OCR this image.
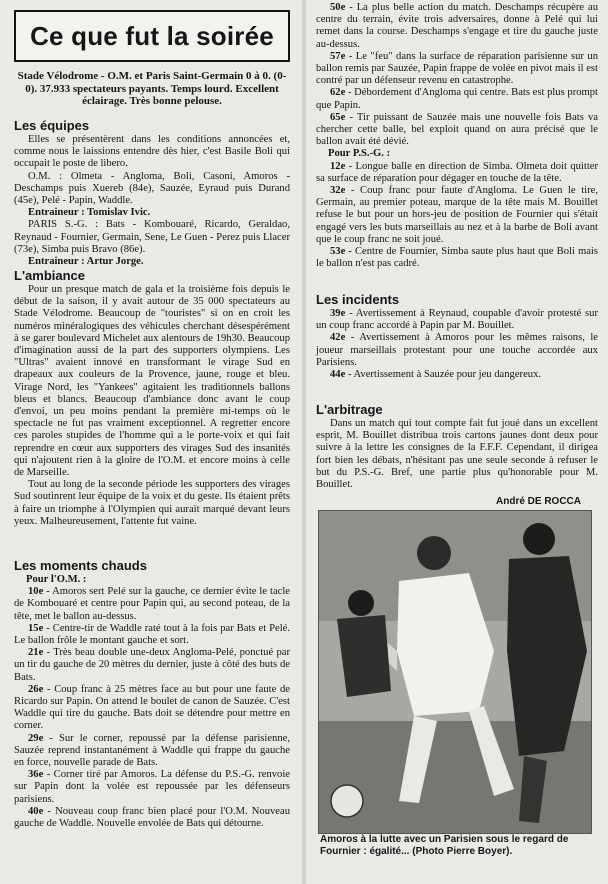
Ce que fut la soirée
Stade Vélodrome - O.M. et Paris Saint-Germain 0 à 0. (0-0). 37.933 spectateurs payants. Temps lourd. Excellent éclairage. Très bonne pelouse.
Les équipes

Elles se présentèrent dans les conditions annoncées et, comme nous le laissions entendre dès hier, c'est Basile Boli qui occupait le poste de libero.

O.M. : Olmeta - Angloma, Boli, Casoni, Amoros - Deschamps puis Xuereb (84e), Sauzée, Eyraud puis Durand (45e), Pelé - Papin, Waddle.

Entraineur : Tomislav Ivic.

PARIS S.-G. : Bats - Kombouaré, Ricardo, Geraldao, Reynaud - Fournier, Germain, Sene, Le Guen - Perez puis Llacer (73e), Simba puis Bravo (86e).

Entraineur : Artur Jorge.

L'ambiance

Pour un presque match de gala et la troisième fois depuis le début de la saison, il y avait autour de 35 000 spectateurs au Stade Vélodrome. Beaucoup de "touristes" si on en croit les numéros minéralogiques des véhicules cherchant désespérément à se garer boulevard Michelet aux alentours de 19h30. Beaucoup d'imagination aussi de la part des supporters olympiens. Les "Ultras" avaient innové en transformant le virage Sud en drapeaux aux couleurs de la Provence, jaune, rouge et bleu. Virage Nord, les "Yankees" agitaient les traditionnels ballons bleus et blancs. Beaucoup d'ambiance donc avant le coup d'envoi, un peu moins pendant la première mi-temps où le spectacle ne fut pas vraiment exceptionnel. A regretter encore ces paroles stupides de l'homme qui a le porte-voix et qui fait reprendre en cœur aux supporters des virages Sud des insanités qui n'ajoutent rien à la gloire de l'O.M. et encore moins à celle de Marseille.

Tout au long de la seconde période les supporters des virages Sud soutinrent leur équipe de la voix et du geste. Ils étaient prêts à faire un triomphe à l'Olympien qui aurait marqué devant leurs yeux. Malheureusement, l'attente fut vaine.

Les moments chauds

Pour l'O.M. :

10e - Amoros sert Pelé sur la gauche, ce dernier évite le tacle de Kombouaré et centre pour Papin qui, au second poteau, de la tête, met le ballon au-dessus.

15e - Centre-tir de Waddle raté tout à la fois par Bats et Pelé. Le ballon frôle le montant gauche et sort.

21e - Très beau double une-deux Angloma-Pelé, ponctué par un tir du gauche de 20 mètres du dernier, juste à côté des buts de Bats.

26e - Coup franc à 25 mètres face au but pour une faute de Ricardo sur Papin. On attend le boulet de canon de Sauzée. C'est Waddle qui tire du gauche. Bats doit se détendre pour mettre en corner.

29e - Sur le corner, repoussé par la défense parisienne, Sauzée reprend instantanément à Waddle qui frappe du gauche en force, nouvelle parade de Bats.

36e - Corner tiré par Amoros. La défense du P.S.-G. renvoie sur Papin dont la volée est repoussée par les défenseurs parisiens.

40e - Nouveau coup franc bien placé pour l'O.M. Nouveau gauche de Waddle. Nouvelle envolée de Bats qui détourne.

50e - La plus belle action du match. Deschamps récupère au centre du terrain, évite trois adversaires, donne à Pelé qui lui remet dans la course. Deschamps s'engage et tire du gauche juste au-dessus.

57e - Le "feu" dans la surface de réparation parisienne sur un ballon remis par Sauzée, Papin frappe de volée en pivot mais il est contré par un défenseur revenu en catastrophe.

62e - Débordement d'Angloma qui centre. Bats est plus prompt que Papin.

65e - Tir puissant de Sauzée mais une nouvelle fois Bats va chercher cette balle, bel exploit quand on aura précisé que le ballon avait été dévié.

Pour P.S.-G. :

12e - Longue balle en direction de Simba. Olmeta doit quitter sa surface de réparation pour dégager en touche de la tête.

32e - Coup franc pour faute d'Angloma. Le Guen le tire, Germain, au premier poteau, marque de la tête mais M. Bouillet refuse le but pour un hors-jeu de position de Fournier qui s'était engagé vers les buts marseillais au nez et à la barbe de Boli avant que le coup franc ne soit joué.

53e - Centre de Fournier, Simba saute plus haut que Boli mais le ballon n'est pas cadré.

Les incidents

39e - Avertissement à Reynaud, coupable d'avoir protesté sur un coup franc accordé à Papin par M. Bouillet.

42e - Avertissement à Amoros pour les mêmes raisons, le joueur marseillais protestant pour une touche accordée aux Parisiens.

44e - Avertissement à Sauzée pour jeu dangereux.

L'arbitrage

Dans un match qui tout compte fait fut joué dans un excellent esprit, M. Bouillet distribua trois cartons jaunes dont deux pour suivre à la lettre les consignes de la F.F.F. Cependant, il dirigea fort bien les débats, n'hésitant pas une seule seconde à refuser le but du P.S.-G. Bref, une partie plus qu'honorable pour M. Bouillet.

André DE ROCCA
Amoros à la lutte avec un Parisien sous le regard de Fournier : égalité... (Photo Pierre Boyer).
